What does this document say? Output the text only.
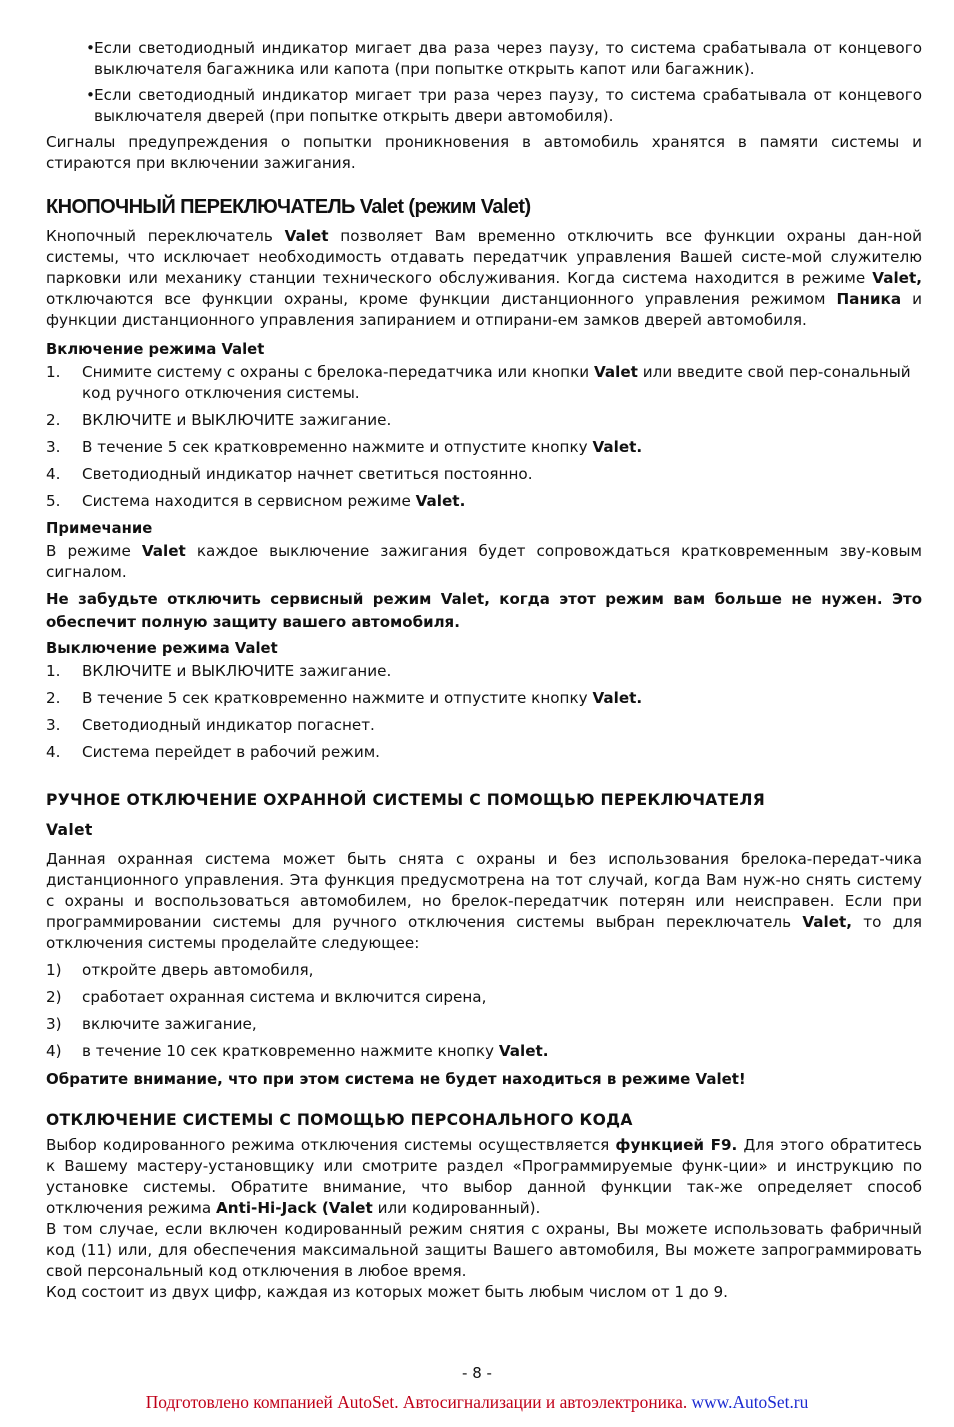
• Если светодиодный индикатор мигает два раза через паузу, то система срабатывала от концевого выключателя багажника или капота (при попытке открыть капот или багажник).
• Если светодиодный индикатор мигает три раза через паузу, то система срабатывала от концевого выключателя дверей (при попытке открыть двери автомобиля).

Сигналы предупреждения о попытки проникновения в автомобиль хранятся в памяти системы и стираются при включении зажигания.

КНОПОЧНЫЙ ПЕРЕКЛЮЧАТЕЛЬ Valet (режим Valet)

Кнопочный переключатель Valet позволяет Вам временно отключить все функции охраны дан-ной системы, что исключает необходимость отдавать передатчик управления Вашей систе-мой служителю парковки или механику станции технического обслуживания. Когда система находится в режиме Valet, отключаются все функции охраны, кроме функции дистанционного управления режимом Паника и функции дистанционного управления запиранием и отпирани-ем замков дверей автомобиля.

Включение режима Valet
1. Снимите систему с охраны с брелока-передатчика или кнопки Valet или введите свой пер-сональный код ручного отключения системы.
2. ВКЛЮЧИТЕ и ВЫКЛЮЧИТЕ зажигание.
3. В течение 5 сек кратковременно нажмите и отпустите кнопку Valet.
4. Светодиодный индикатор начнет светиться постоянно.
5. Система находится в сервисном режиме Valet.
Примечание

В режиме Valet каждое выключение зажигания будет сопровождаться кратковременным зву-ковым сигналом.

Не забудьте отключить сервисный режим Valet, когда этот режим вам больше не нужен. Это обеспечит полную защиту вашего автомобиля.

Выключение режима Valet
1. ВКЛЮЧИТЕ и ВЫКЛЮЧИТЕ зажигание.
2. В течение 5 сек кратковременно нажмите и отпустите кнопку Valet.
3. Светодиодный индикатор погаснет.
4. Система перейдет в рабочий режим.
РУЧНОЕ ОТКЛЮЧЕНИЕ ОХРАННОЙ СИСТЕМЫ С ПОМОЩЬЮ ПЕРЕКЛЮЧАТЕЛЯ
Valet

Данная охранная система может быть снята с охраны и без использования брелока-передат-чика дистанционного управления. Эта функция предусмотрена на тот случай, когда Вам нуж-но снять систему с охраны и воспользоваться автомобилем, но брелок-передатчик потерян или неисправен. Если при программировании системы для ручного отключения системы выбран переключатель Valet, то для отключения системы проделайте следующее:

1) откройте дверь автомобиля,
2) сработает охранная система и включится сирена,
3) включите зажигание,
4) в течение 10 сек кратковременно нажмите кнопку Valet.

Обратите внимание, что при этом система не будет находиться в режиме Valet!

ОТКЛЮЧЕНИЕ СИСТЕМЫ С ПОМОЩЬЮ ПЕРСОНАЛЬНОГО КОДА

Выбор кодированного режима отключения системы осуществляется функцией F9. Для этого обратитесь к Вашему мастеру-установщику или смотрите раздел «Программируемые функ-ции» и инструкцию по установке системы. Обратите внимание, что выбор данной функции так-же определяет способ отключения режима Anti-Hi-Jack (Valet или кодированный).

В том случае, если включен кодированный режим снятия с охраны, Вы можете использовать фабричный код (11) или, для обеспечения максимальной защиты Вашего автомобиля, Вы можете запрограммировать свой персональный код отключения в любое время.

Код состоит из двух цифр, каждая из которых может быть любым числом от 1 до 9.

- 8 -
Подготовлено компанией AutoSet. Автосигнализации и автоэлектроника. www.AutoSet.ru
